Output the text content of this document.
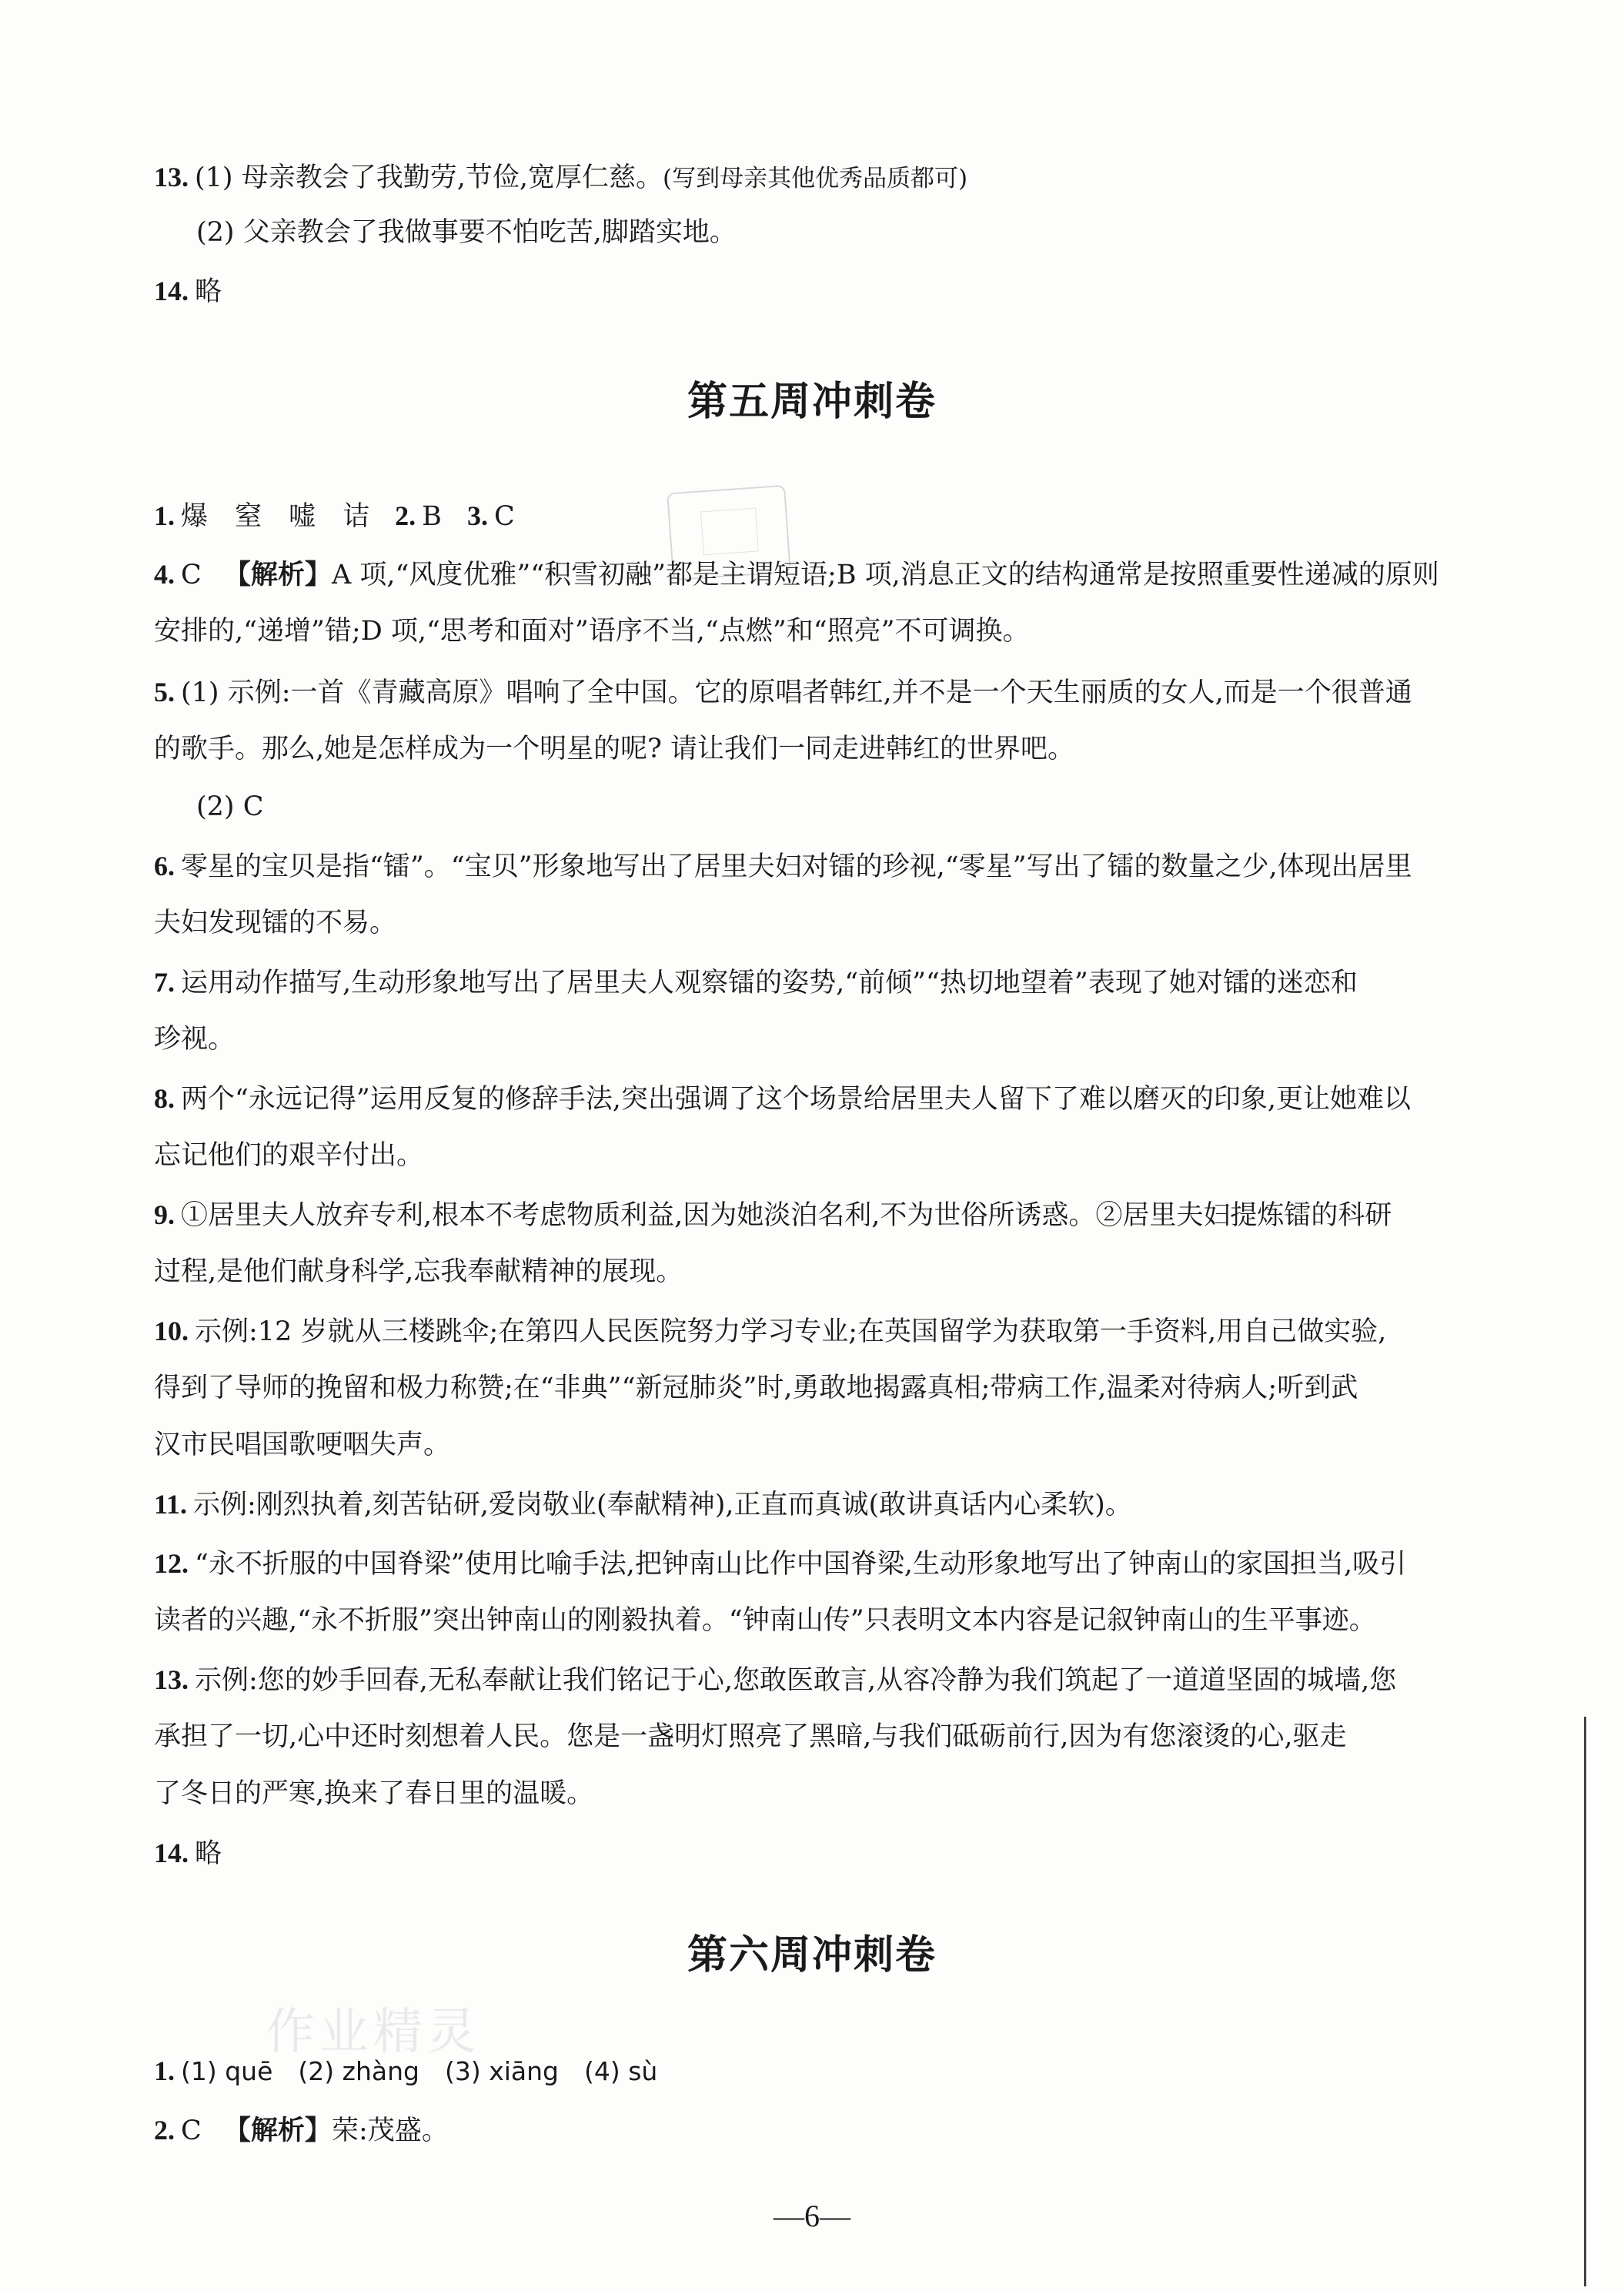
13. (1) 母亲教会了我勤劳,节俭,宽厚仁慈。(写到母亲其他优秀品质都可)
(2) 父亲教会了我做事要不怕吃苦,脚踏实地。
14. 略
第五周冲刺卷
1. 爆　窒　嘘　诘 2. B 3. C
4. C 【解析】A 项,“风度优雅”“积雪初融”都是主谓短语;B 项,消息正文的结构通常是按照重要性递减的原则
安排的,“递增”错;D 项,“思考和面对”语序不当,“点燃”和“照亮”不可调换。
5. (1) 示例:一首《青藏高原》唱响了全中国。它的原唱者韩红,并不是一个天生丽质的女人,而是一个很普通
的歌手。那么,她是怎样成为一个明星的呢? 请让我们一同走进韩红的世界吧。
(2) C
6. 零星的宝贝是指“镭”。“宝贝”形象地写出了居里夫妇对镭的珍视,“零星”写出了镭的数量之少,体现出居里
夫妇发现镭的不易。
7. 运用动作描写,生动形象地写出了居里夫人观察镭的姿势,“前倾”“热切地望着”表现了她对镭的迷恋和
珍视。
8. 两个“永远记得”运用反复的修辞手法,突出强调了这个场景给居里夫人留下了难以磨灭的印象,更让她难以
忘记他们的艰辛付出。
9. ①居里夫人放弃专利,根本不考虑物质利益,因为她淡泊名利,不为世俗所诱惑。②居里夫妇提炼镭的科研
过程,是他们献身科学,忘我奉献精神的展现。
10. 示例:12 岁就从三楼跳伞;在第四人民医院努力学习专业;在英国留学为获取第一手资料,用自己做实验,
得到了导师的挽留和极力称赞;在“非典”“新冠肺炎”时,勇敢地揭露真相;带病工作,温柔对待病人;听到武
汉市民唱国歌哽咽失声。
11. 示例:刚烈执着,刻苦钻研,爱岗敬业(奉献精神),正直而真诚(敢讲真话内心柔软)。
12. “永不折服的中国脊梁”使用比喻手法,把钟南山比作中国脊梁,生动形象地写出了钟南山的家国担当,吸引
读者的兴趣,“永不折服”突出钟南山的刚毅执着。“钟南山传”只表明文本内容是记叙钟南山的生平事迹。
13. 示例:您的妙手回春,无私奉献让我们铭记于心,您敢医敢言,从容冷静为我们筑起了一道道坚固的城墙,您
承担了一切,心中还时刻想着人民。您是一盏明灯照亮了黑暗,与我们砥砺前行,因为有您滚烫的心,驱走
了冬日的严寒,换来了春日里的温暖。
14. 略
第六周冲刺卷
作业精灵
1. (1) quē　(2) zhàng　(3) xiāng　(4) sù
2. C 【解析】荣:茂盛。
—6—
